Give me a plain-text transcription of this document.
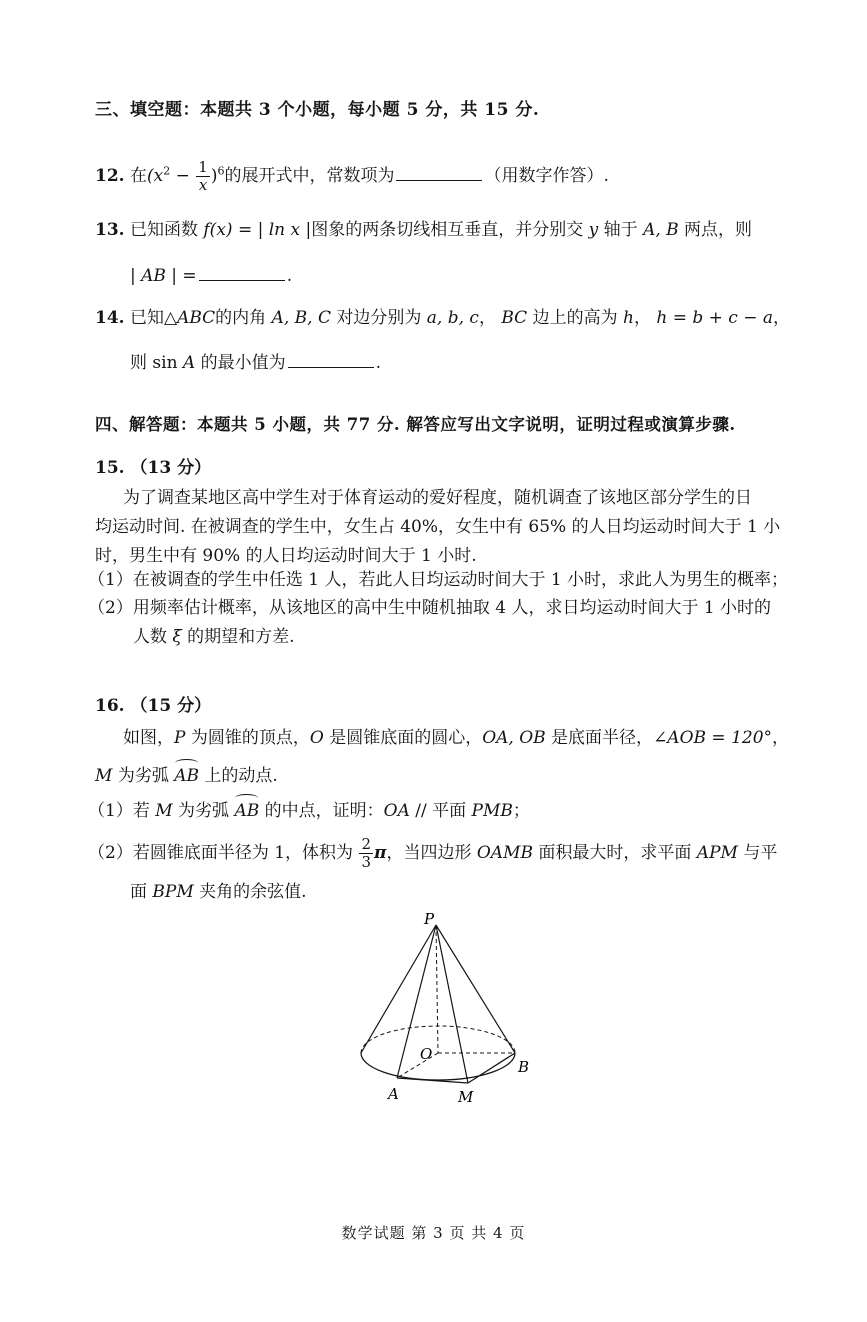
三、填空题：本题共 3 个小题，每小题 5 分，共 15 分.
12. 在$(x^2 - \frac{1}{x} )^6$的展开式中，常数项为	（用数字作答）.
13. 已知函数 f(x) = | ln x |图象的两条切线相互垂直，并分别交 y 轴于 A, B 两点，则
| AB | =	.
14. 已知△ABC的内角 A, B, C 对边分别为 a, b, c， BC 边上的高为 h， h = b + c − a，
则 sin A 的最小值为	.
四、解答题：本题共 5 小题，共 77 分. 解答应写出文字说明，证明过程或演算步骤.
15. （13 分）
为了调查某地区高中学生对于体育运动的爱好程度，随机调查了该地区部分学生的日
均运动时间. 在被调查的学生中，女生占 40%，女生中有 65% 的人日均运动时间大于 1 小
时，男生中有 90% 的人日均运动时间大于 1 小时.
（1）在被调查的学生中任选 1 人，若此人日均运动时间大于 1 小时，求此人为男生的概率；
（2）用频率估计概率，从该地区的高中生中随机抽取 4 人，求日均运动时间大于 1 小时的
人数 ξ 的期望和方差.
16. （15 分）
如图，P 为圆锥的顶点，O 是圆锥底面的圆心，OA, OB 是底面半径，∠AOB = 120°，
M 为劣弧 AB 上的动点.
（1）若 M 为劣弧 AB 的中点，证明：OA // 平面 PMB；
（2）若圆锥底面半径为 1，体积为 $\frac{2}{3}$ π，当四边形 OAMB 面积最大时，求平面 APM 与平
面 BPM 夹角的余弦值.
P
O
A
B
M
数学试题 第 3 页 共 4 页
